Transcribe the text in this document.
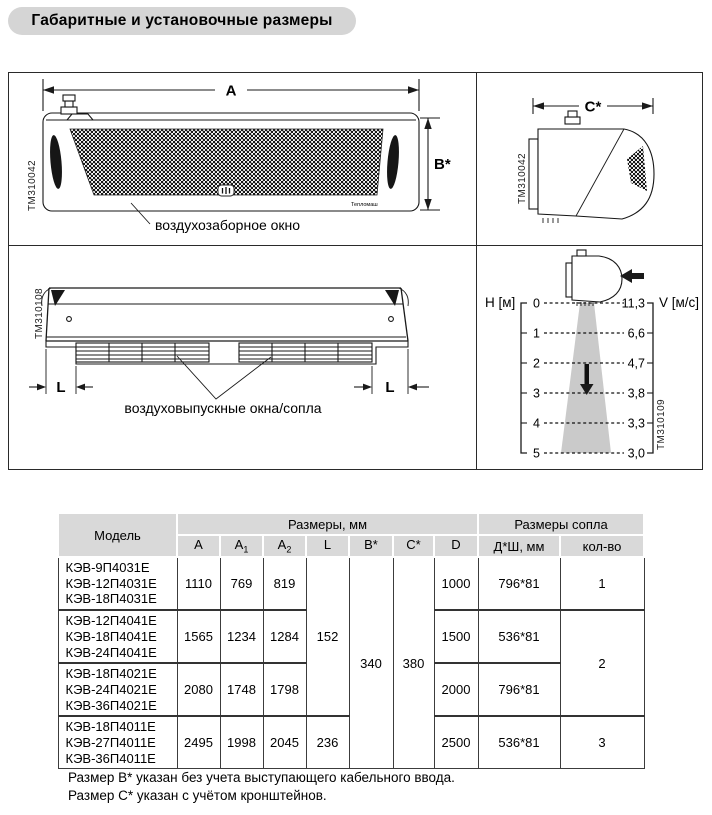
Габаритные и установочные размеры
A
Тепломаш
B*
ТМ310042
воздухозаборное окно
C*
ТМ310042
L	L
ТМ310108
воздуховыпускные окна/сопла
Н [м] 0
1
2
3
4
5
11,3
6,6
4,7
3,8
3,3
3,0
V [м/с]
ТМ310109
Модель	Размеры, мм							Размеры сопла	
	A	$A_1$	$A_2$	L	B*	C*	D	Д*Ш, мм	кол-во

КЭВ-9П4031Е
КЭВ-12П4031Е
КЭВ-18П4031Е	1110	769	819	152	340	380	1000	796*81	1

КЭВ-12П4041Е
КЭВ-18П4041Е
КЭВ-24П4041Е	1565	1234	1284				1500	536*81	2

КЭВ-18П4021Е
КЭВ-24П4021Е
КЭВ-36П4021Е	2080	1748	1798				2000	796*81	

КЭВ-18П4011Е
КЭВ-27П4011Е
КЭВ-36П4011Е	2495	1998	2045	236			2500	536*81	3
Размер В* указан без учета выступающего кабельного ввода.
Размер С* указан с учётом кронштейнов.
